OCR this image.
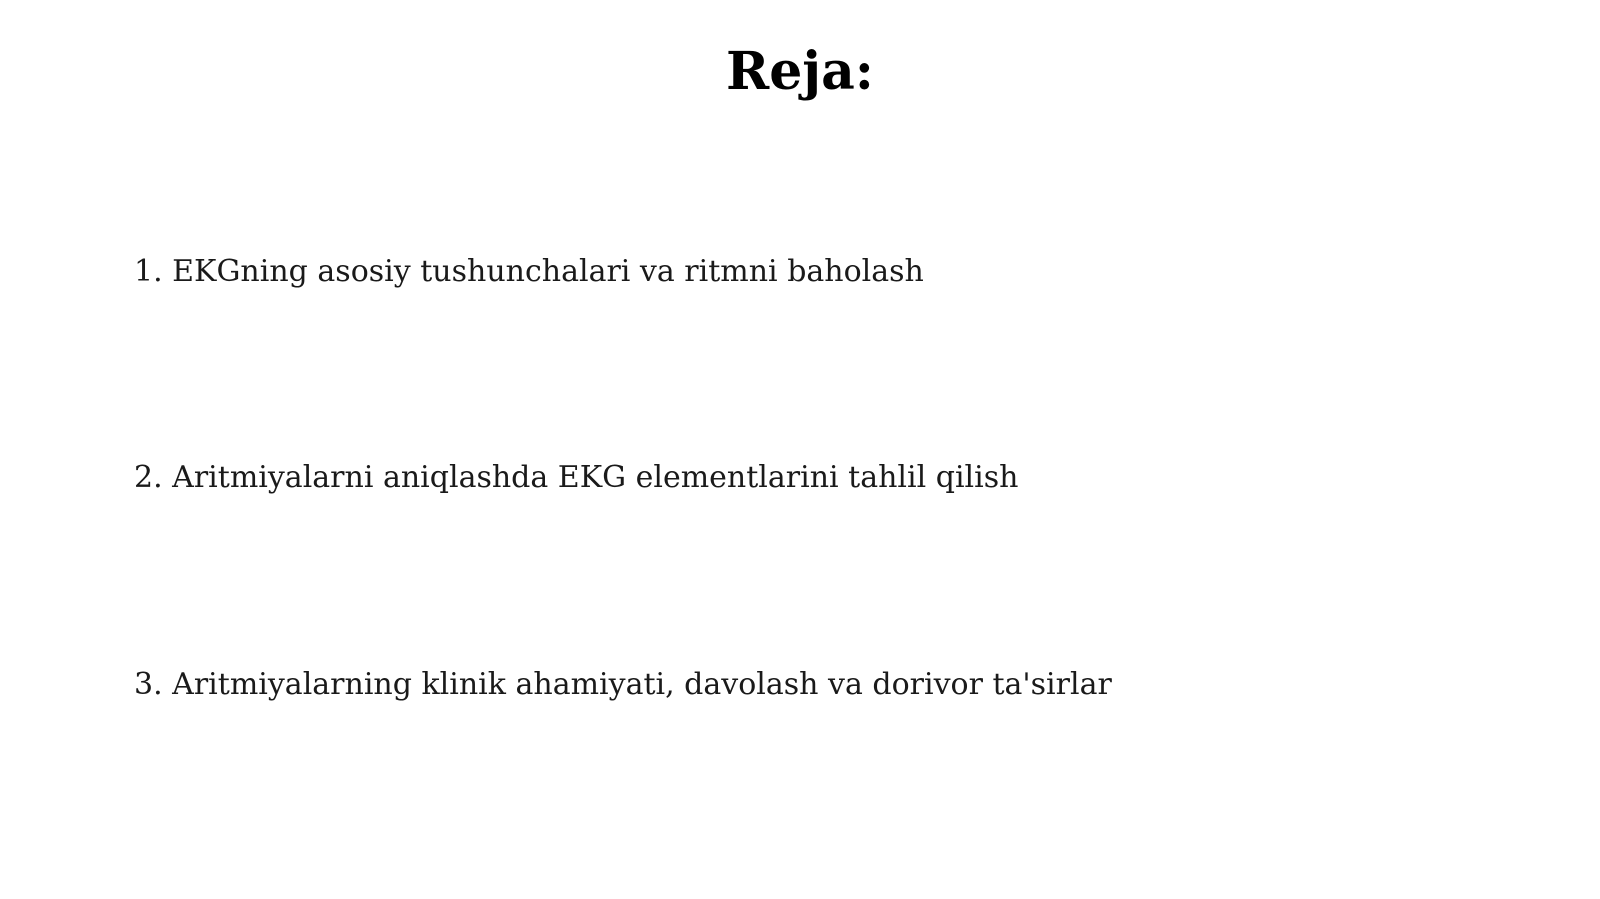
Reja:
1. EKGning asosiy tushunchalari va ritmni baholash
2. Aritmiyalarni aniqlashda EKG elementlarini tahlil qilish
3. Aritmiyalarning klinik ahamiyati, davolash va dorivor ta'sirlar
